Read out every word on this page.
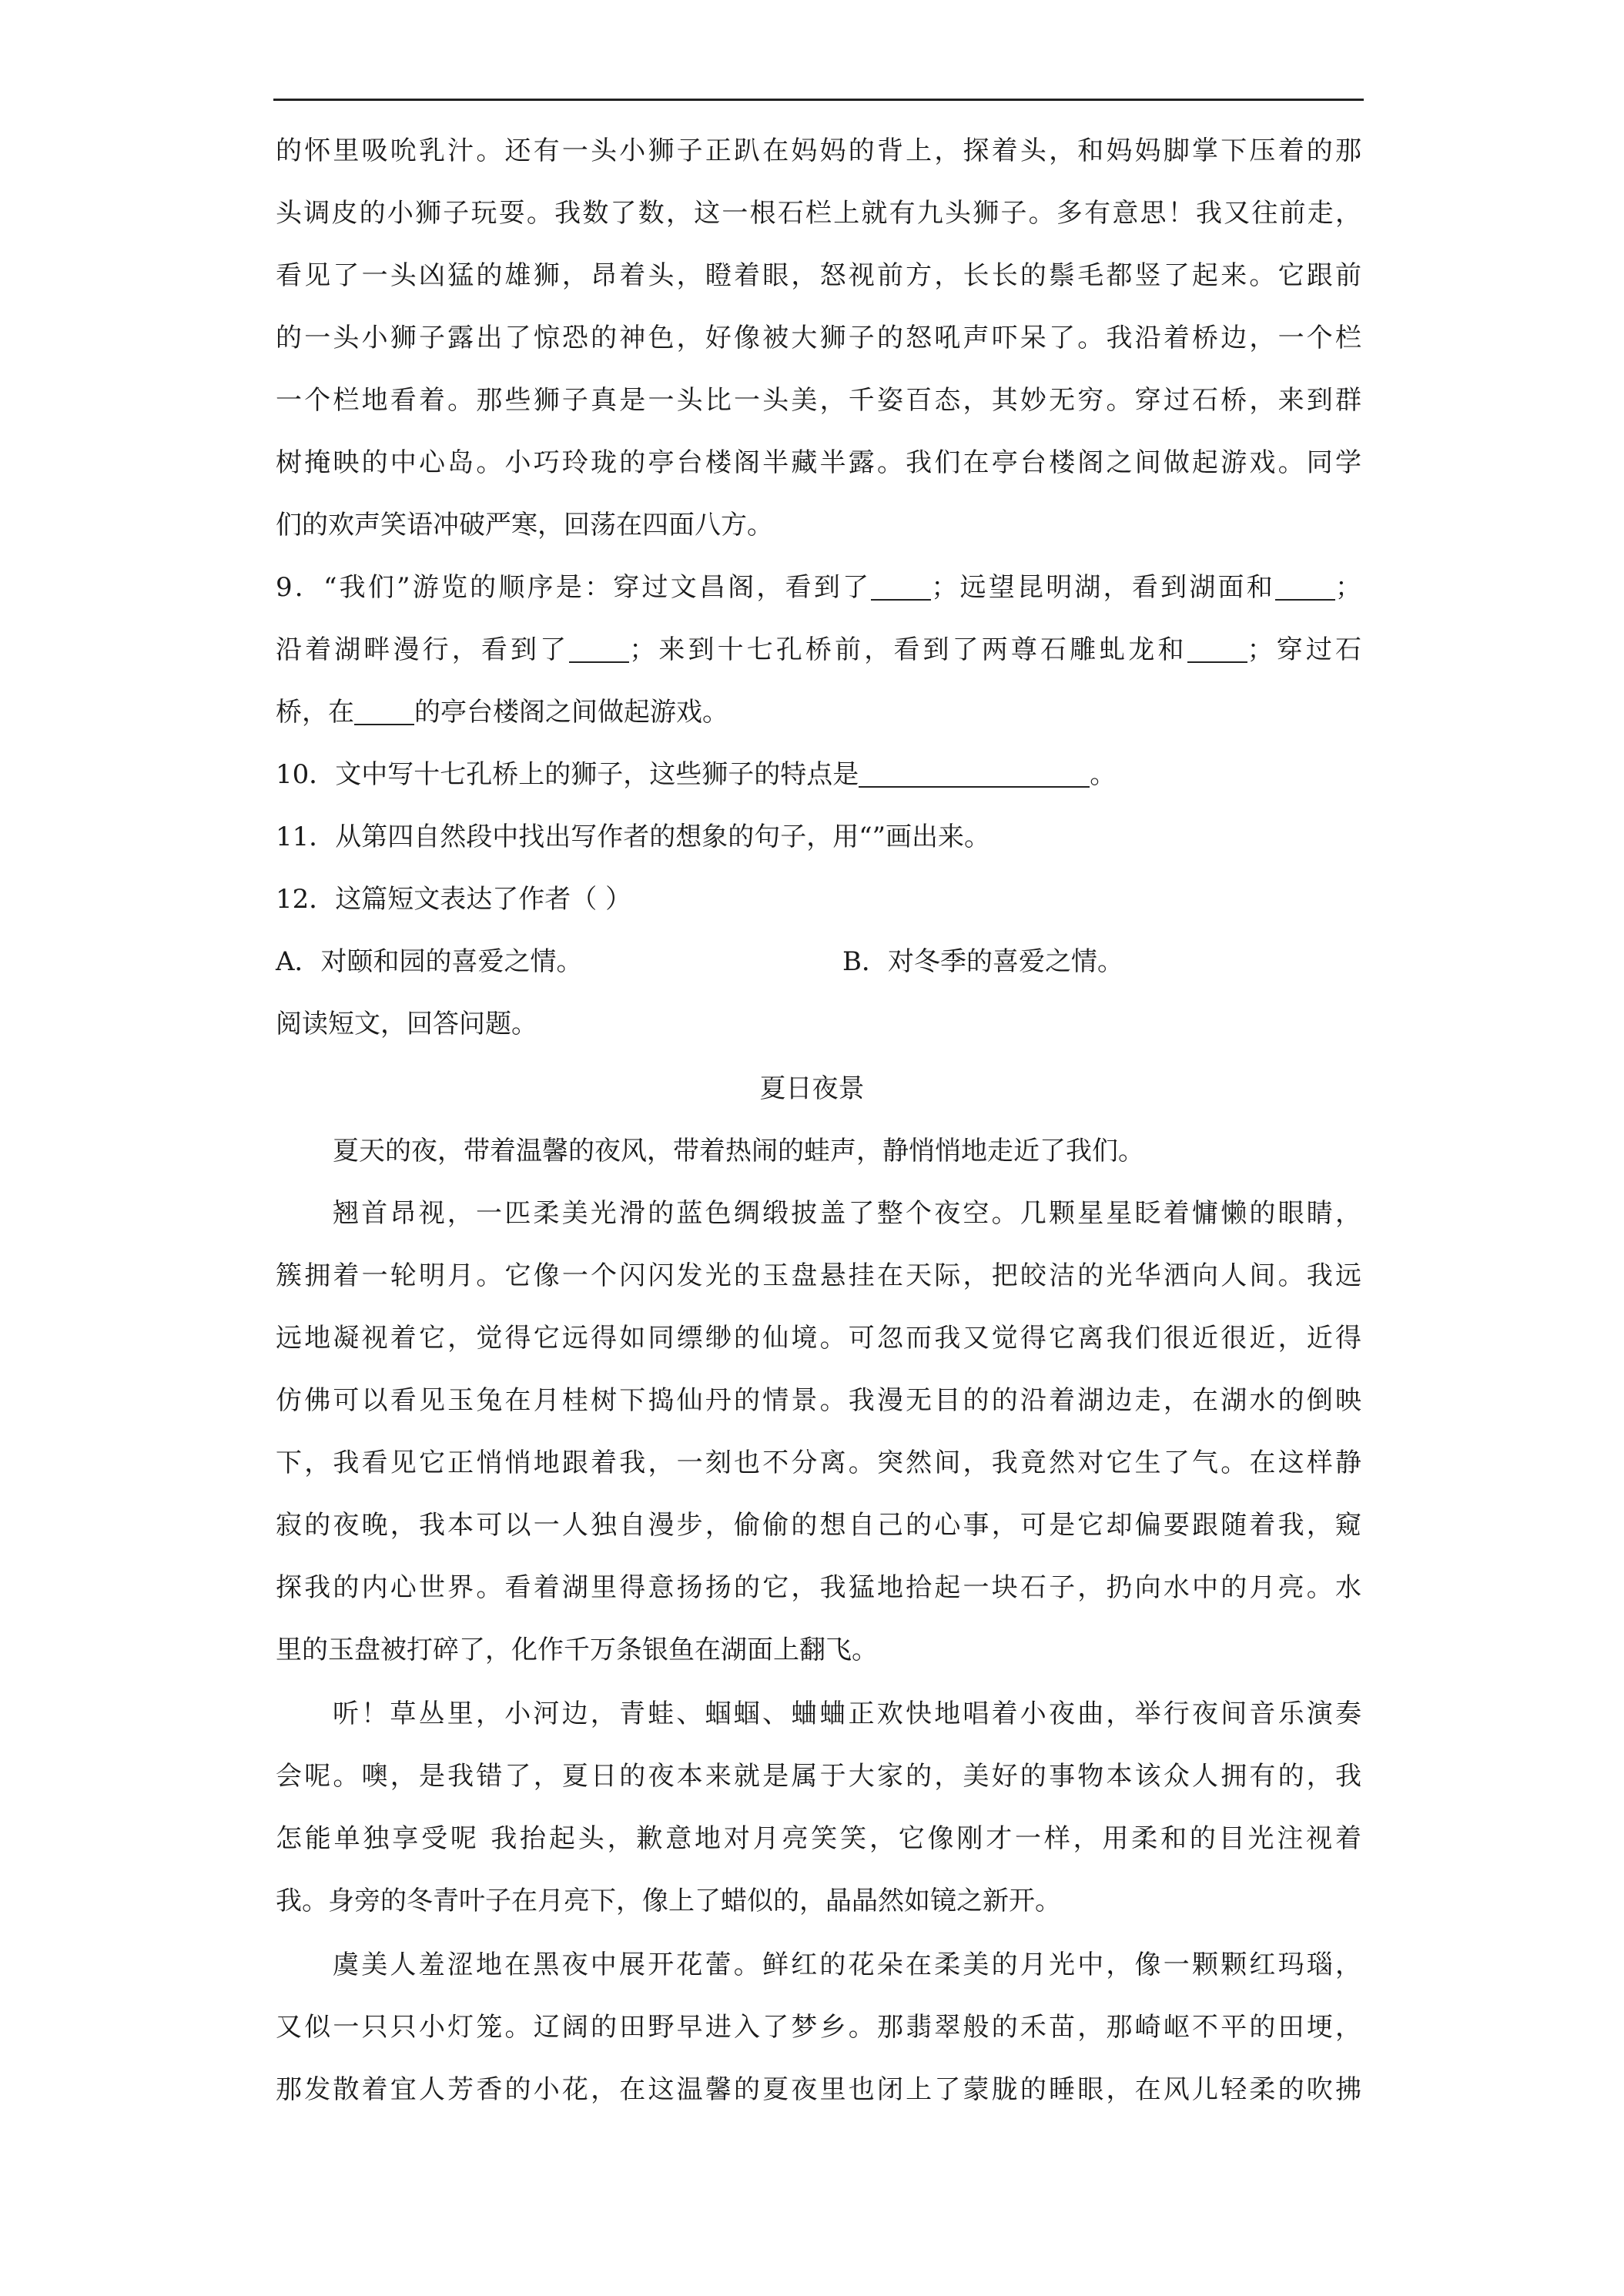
的怀里吸吮乳汁。还有一头小狮子正趴在妈妈的背上，探着头，和妈妈脚掌下压着的那
头调皮的小狮子玩耍。我数了数，这一根石栏上就有九头狮子。多有意思！我又往前走，
看见了一头凶猛的雄狮，昂着头，瞪着眼，怒视前方，长长的鬃毛都竖了起来。它跟前
的一头小狮子露出了惊恐的神色，好像被大狮子的怒吼声吓呆了。我沿着桥边，一个栏
一个栏地看着。那些狮子真是一头比一头美，千姿百态，其妙无穷。穿过石桥，来到群
树掩映的中心岛。小巧玲珑的亭台楼阁半藏半露。我们在亭台楼阁之间做起游戏。同学
们的欢声笑语冲破严寒，回荡在四面八方。
9．“我们”游览的顺序是：穿过文昌阁，看到了 ；远望昆明湖，看到湖面和 ；
沿着湖畔漫行，看到了 ；来到十七孔桥前，看到了两尊石雕虬龙和 ；穿过石
桥，在 的亭台楼阁之间做起游戏。
10．文中写十七孔桥上的狮子，这些狮子的特点是	。
11．从第四自然段中找出写作者的想象的句子，用“”画出来。
12．这篇短文表达了作者（ ）
A．对颐和园的喜爱之情。	B．对冬季的喜爱之情。
阅读短文，回答问题。
夏日夜景
夏天的夜，带着温馨的夜风，带着热闹的蛙声，静悄悄地走近了我们。
翘首昂视，一匹柔美光滑的蓝色绸缎披盖了整个夜空。几颗星星眨着慵懒的眼睛，
簇拥着一轮明月。它像一个闪闪发光的玉盘悬挂在天际，把皎洁的光华洒向人间。我远
远地凝视着它，觉得它远得如同缥缈的仙境。可忽而我又觉得它离我们很近很近，近得
仿佛可以看见玉兔在月桂树下捣仙丹的情景。我漫无目的的沿着湖边走，在湖水的倒映
下，我看见它正悄悄地跟着我，一刻也不分离。突然间，我竟然对它生了气。在这样静
寂的夜晚，我本可以一人独自漫步，偷偷的想自己的心事，可是它却偏要跟随着我，窥
探我的内心世界。看着湖里得意扬扬的它，我猛地拾起一块石子，扔向水中的月亮。水
里的玉盘被打碎了，化作千万条银鱼在湖面上翻飞。
听！草丛里，小河边，青蛙、蝈蝈、蛐蛐正欢快地唱着小夜曲，举行夜间音乐演奏
会呢。噢，是我错了，夏日的夜本来就是属于大家的，美好的事物本该众人拥有的，我
怎能单独享受呢 我抬起头，歉意地对月亮笑笑，它像刚才一样，用柔和的目光注视着
我。身旁的冬青叶子在月亮下，像上了蜡似的，晶晶然如镜之新开。
虞美人羞涩地在黑夜中展开花蕾。鲜红的花朵在柔美的月光中，像一颗颗红玛瑙，
又似一只只小灯笼。辽阔的田野早进入了梦乡。那翡翠般的禾苗，那崎岖不平的田埂，
那发散着宜人芳香的小花，在这温馨的夏夜里也闭上了蒙胧的睡眼，在风儿轻柔的吹拂
